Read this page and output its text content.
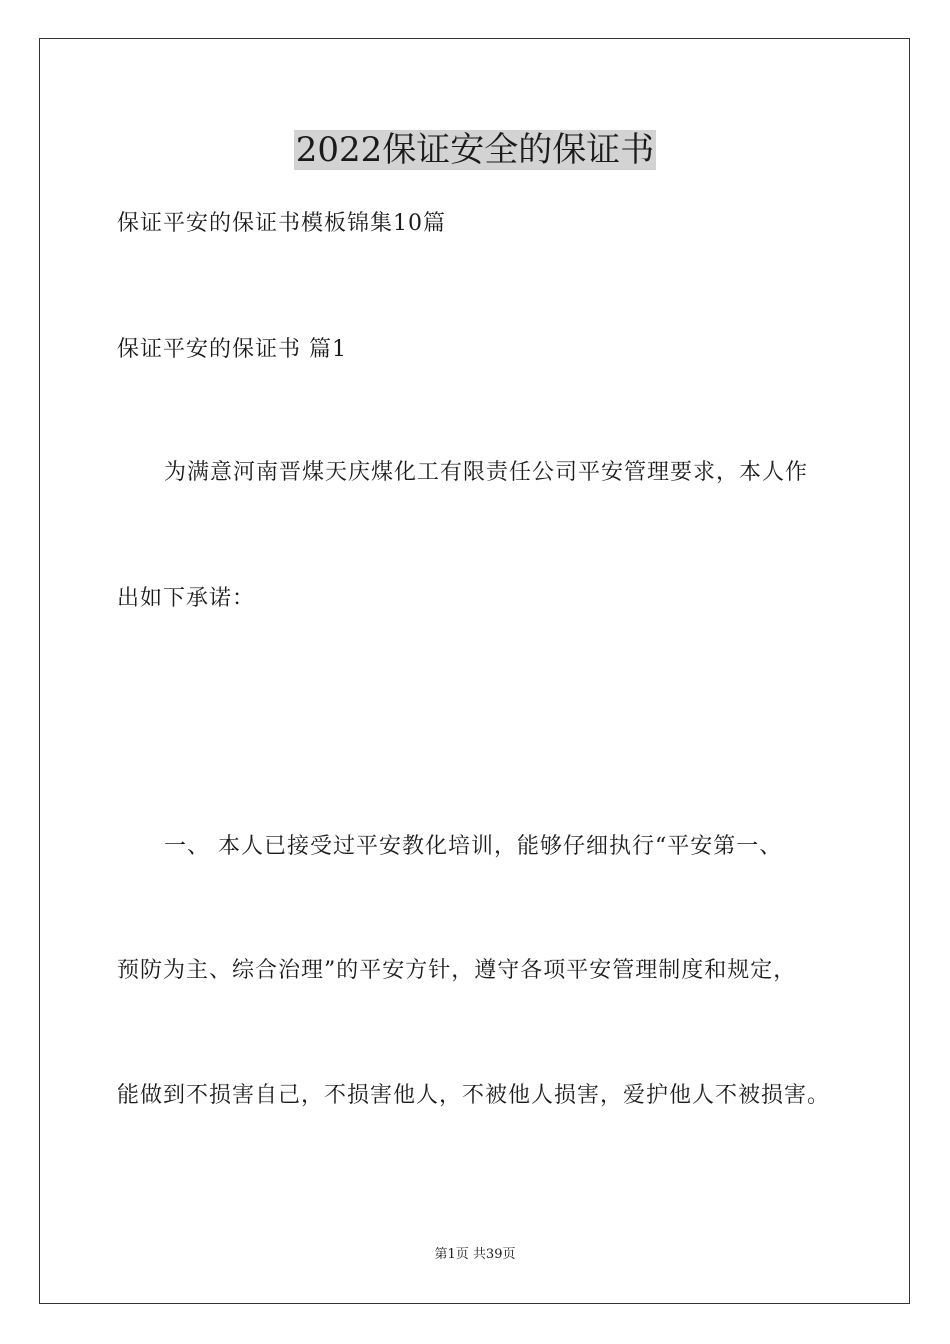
2022保证安全的保证书
保证平安的保证书模板锦集10篇
保证平安的保证书 篇1
为满意河南晋煤天庆煤化工有限责任公司平安管理要求，本人作
出如下承诺：
一、 本人已接受过平安教化培训，能够仔细执行“平安第一、
预防为主、综合治理”的平安方针，遵守各项平安管理制度和规定，
能做到不损害自己，不损害他人，不被他人损害，爱护他人不被损害。
第1页 共39页
